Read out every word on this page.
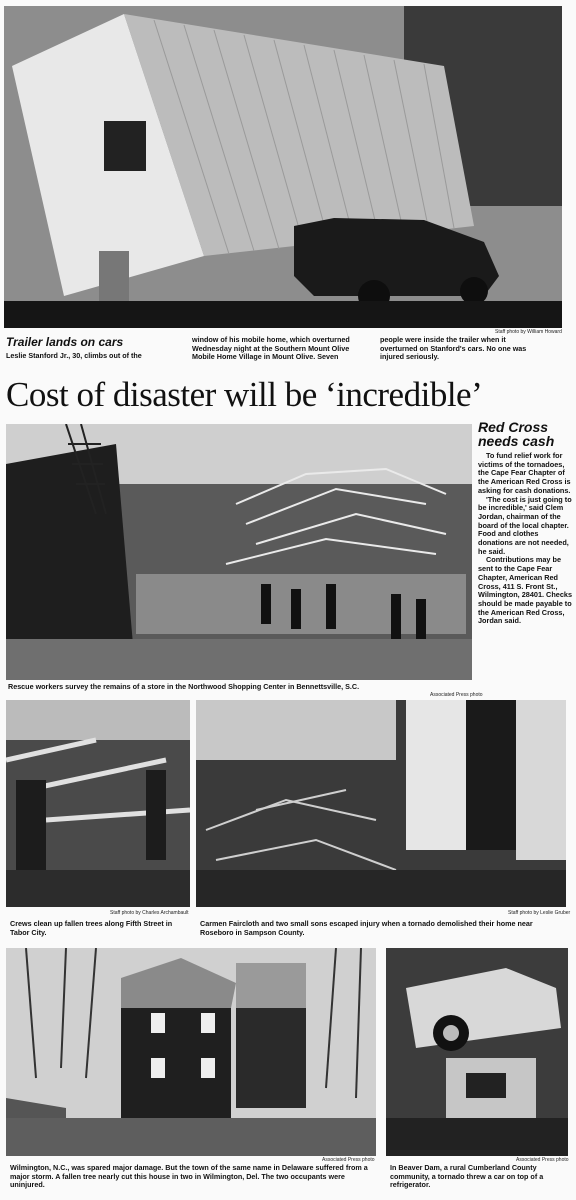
Staff photo by William Howard
Trailer lands on cars
Leslie Stanford Jr., 30, climbs out of the
window of his mobile home, which overturned Wednesday night at the Southern Mount Olive Mobile Home Village in Mount Olive. Seven
people were inside the trailer when it overturned on Stanford's cars. No one was injured seriously.
Cost of disaster will be ‘incredible’
Rescue workers survey the remains of a store in the Northwood Shopping Center in Bennettsville, S.C.
Associated Press photo
Red Cross needs cash

To fund relief work for victims of the tornadoes, the Cape Fear Chapter of the American Red Cross is asking for cash donations.

'The cost is just going to be incredible,' said Clem Jordan, chairman of the board of the local chapter. Food and clothes donations are not needed, he said.

Contributions may be sent to the Cape Fear Chapter, American Red Cross, 411 S. Front St., Wilmington, 28401. Checks should be made payable to the American Red Cross, Jordan said.

Staff photo by Charles Archambault
Crews clean up fallen trees along Fifth Street in Tabor City.
Staff photo by Leslie Gruber
Carmen Faircloth and two small sons escaped injury when a tornado demolished their home near Roseboro in Sampson County.
Associated Press photo
Wilmington, N.C., was spared major damage. But the town of the same name in Delaware suffered from a major storm. A fallen tree nearly cut this house in two in Wilmington, Del. The two occupants were uninjured.
Associated Press photo
In Beaver Dam, a rural Cumberland County community, a tornado threw a car on top of a refrigerator.
